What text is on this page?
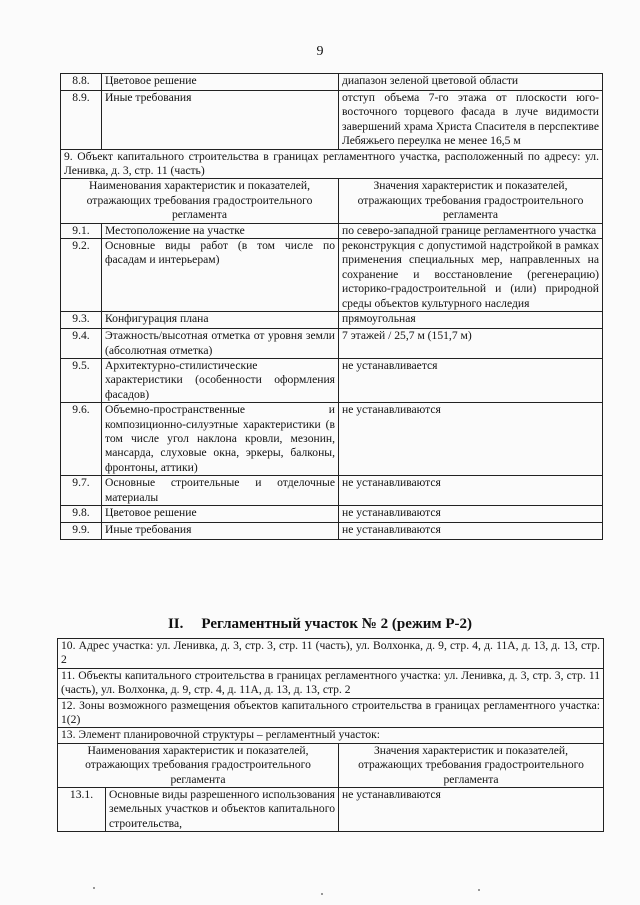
9
8.8.	Цветовое решение	диапазон зеленой цветовой области
8.9.	Иные требования	отступ объема 7-го этажа от плоскости юго-восточного торцевого фасада в луче видимости завершений храма Христа Спасителя в перспективе Лебяжьего переулка не менее 16,5 м
9. Объект капитального строительства в границах регламентного участка, расположенный по адресу: ул. Ленивка, д. 3, стр. 11 (часть)		
Наименования характеристик и показателей, отражающих требования градостроительного регламента		Значения характеристик и показателей, отражающих требования градостроительного регламента
9.1.	Местоположение на участке	по северо-западной границе регламентного участка
9.2.	Основные виды работ (в том числе по фасадам и интерьерам)	реконструкция с допустимой надстройкой в рамках применения специальных мер, направленных на сохранение и восстановление (регенерацию) историко-градостроительной и (или) природной среды объектов культурного наследия
9.3.	Конфигурация плана	прямоугольная
9.4.	Этажность/высотная отметка от уровня земли (абсолютная отметка)	7 этажей / 25,7 м (151,7 м)
9.5.	Архитектурно-стилистические характеристики (особенности оформления фасадов)	не устанавливается
9.6.	Объемно-пространственные и композиционно-силуэтные характеристики (в том числе угол наклона кровли, мезонин, мансарда, слуховые окна, эркеры, балконы, фронтоны, аттики)	не устанавливаются
9.7.	Основные строительные и отделочные материалы	не устанавливаются
9.8.	Цветовое решение	не устанавливаются
9.9.	Иные требования	не устанавливаются
II. Регламентный участок № 2 (режим Р-2)
10. Адрес участка: ул. Ленивка, д. 3, стр. 3, стр. 11 (часть), ул. Волхонка, д. 9, стр. 4, д. 11А, д. 13, д. 13, стр. 2		
11. Объекты капитального строительства в границах регламентного участка: ул. Ленивка, д. 3, стр. 3, стр. 11 (часть), ул. Волхонка, д. 9, стр. 4, д. 11А, д. 13, д. 13, стр. 2		
12. Зоны возможного размещения объектов капитального строительства в границах регламентного участка: 1(2)		
13. Элемент планировочной структуры – регламентный участок:		
Наименования характеристик и показателей, отражающих требования градостроительного регламента		Значения характеристик и показателей, отражающих требования градостроительного регламента
13.1.	Основные виды разрешенного использования земельных участков и объектов капитального строительства,	не устанавливаются
